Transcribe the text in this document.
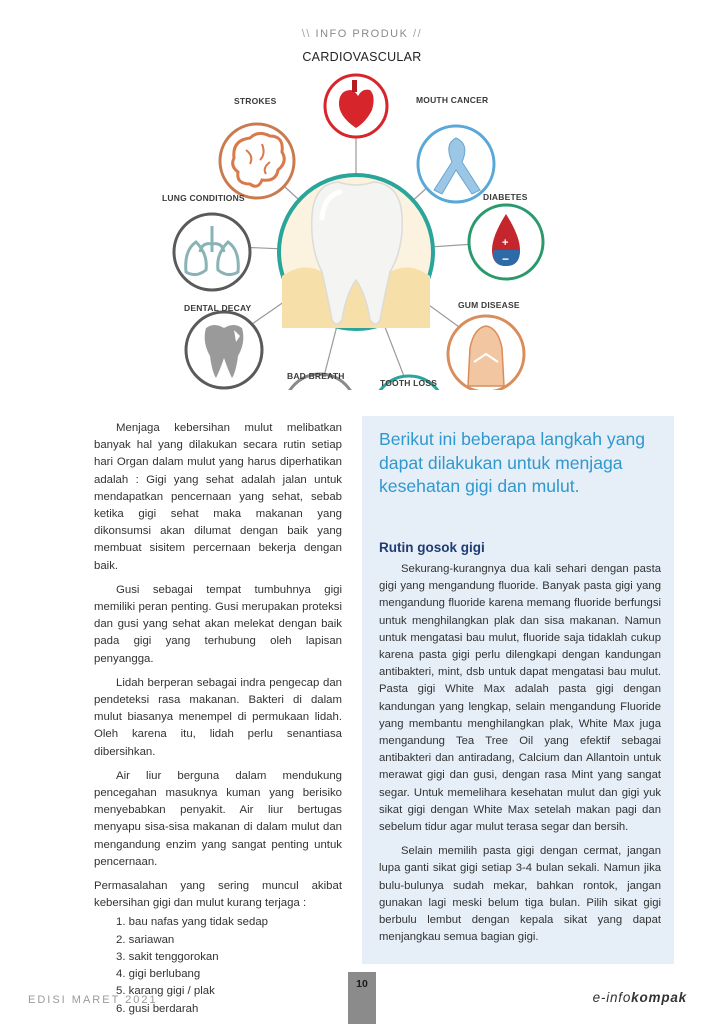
\\ INFO PRODUK //
CARDIOVASCULAR
+
−
STROKES	MOUTH CANCER
LUNG CONDITIONS	DIABETES
DENTAL DECAY	GUM DISEASE
BAD BREATH
TOOTH LOSS

Menjaga kebersihan mulut melibatkan banyak hal yang dilakukan secara rutin setiap hari Organ dalam mulut yang harus diperhatikan adalah : Gigi yang sehat adalah jalan untuk mendapatkan pencernaan yang sehat, sebab ketika gigi sehat maka makanan yang dikonsumsi akan dilumat dengan baik yang membuat sisitem percernaan bekerja dengan baik.

Gusi sebagai tempat tumbuhnya gigi memiliki peran penting. Gusi merupakan proteksi dan gusi yang sehat akan melekat dengan baik pada gigi yang terhubung oleh lapisan penyangga.

Lidah berperan sebagai indra pengecap dan pendeteksi rasa makanan. Bakteri di dalam mulut biasanya menempel di permukaan lidah. Oleh karena itu, lidah perlu senantiasa dibersihkan.

Air liur berguna dalam mendukung pencegahan masuknya kuman yang berisiko menyebabkan penyakit. Air liur bertugas menyapu sisa-sisa makanan di dalam mulut dan mengandung enzim yang sangat penting untuk pencernaan.

Permasalahan yang sering muncul akibat kebersihan gigi dan mulut kurang terjaga :

1. bau nafas yang tidak sedap
2. sariawan
3. sakit tenggorokan
4. gigi berlubang
5. karang gigi / plak
6. gusi berdarah
Berikut ini beberapa langkah yang dapat dilakukan untuk menjaga kesehatan gigi dan mulut.
Rutin gosok gigi

Sekurang-kurangnya dua kali sehari dengan pasta gigi yang mengandung fluoride. Banyak pasta gigi yang mengandung fluoride karena memang fluoride berfungsi untuk menghilangkan plak dan sisa makanan. Namun untuk mengatasi bau mulut, fluoride saja tidaklah cukup karena pasta gigi perlu dilengkapi dengan kandungan antibakteri, mint, dsb untuk dapat mengatasi bau mulut. Pasta gigi White Max adalah pasta gigi dengan kandungan yang lengkap, selain mengandung Fluoride yang membantu menghilangkan plak, White Max juga mengandung Tea Tree Oil yang efektif sebagai antibakteri dan antiradang, Calcium dan Allantoin untuk merawat gigi dan gusi, dengan rasa Mint yang sangat segar. Untuk memelihara kesehatan mulut dan gigi yuk sikat gigi dengan White Max setelah makan pagi dan sebelum tidur agar mulut terasa segar dan bersih.

Selain memilih pasta gigi dengan cermat, jangan lupa ganti sikat gigi setiap 3-4 bulan sekali. Namun jika bulu-bulunya sudah mekar, bahkan rontok, jangan gunakan lagi meski belum tiga bulan. Pilih sikat gigi berbulu lembut dengan kepala sikat yang dapat menjangkau semua bagian gigi.

10
EDISI MARET 2021	e-infokompak
